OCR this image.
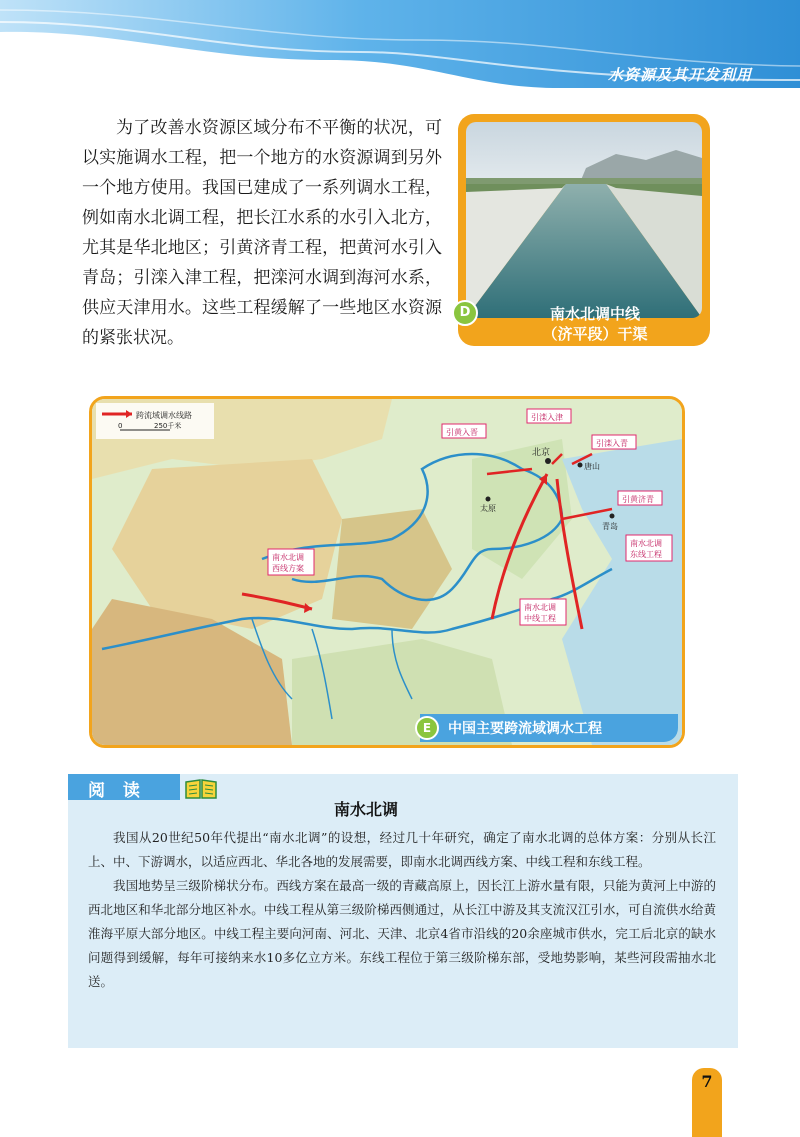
水资源及其开发利用

为了改善水资源区域分布不平衡的状况，可以实施调水工程，把一个地方的水资源调到另外一个地方使用。我国已建成了一系列调水工程，例如南水北调工程，把长江水系的水引入北方，尤其是华北地区；引黄济青工程，把黄河水引入青岛；引滦入津工程，把滦河水调到海河水系，供应天津用水。这些工程缓解了一些地区水资源的紧张状况。

D	南水北调中线
（济平段）干渠
跨流域调水线路
0	250千米
北京
唐山
太原
青岛
引滦入津
引黄入晋
引滦入青
引黄济青
南水北调
西线方案
南水北调
中线工程
南水北调
东线工程
E	中国主要跨流域调水工程
阅 读
南水北调

我国从20世纪50年代提出“南水北调”的设想，经过几十年研究，确定了南水北调的总体方案：分别从长江上、中、下游调水，以适应西北、华北各地的发展需要，即南水北调西线方案、中线工程和东线工程。

我国地势呈三级阶梯状分布。西线方案在最高一级的青藏高原上，因长江上游水量有限，只能为黄河上中游的西北地区和华北部分地区补水。中线工程从第三级阶梯西侧通过，从长江中游及其支流汉江引水，可自流供水给黄淮海平原大部分地区。中线工程主要向河南、河北、天津、北京4省市沿线的20余座城市供水，完工后北京的缺水问题得到缓解，每年可接纳来水10多亿立方米。东线工程位于第三级阶梯东部，受地势影响，某些河段需抽水北送。

7
